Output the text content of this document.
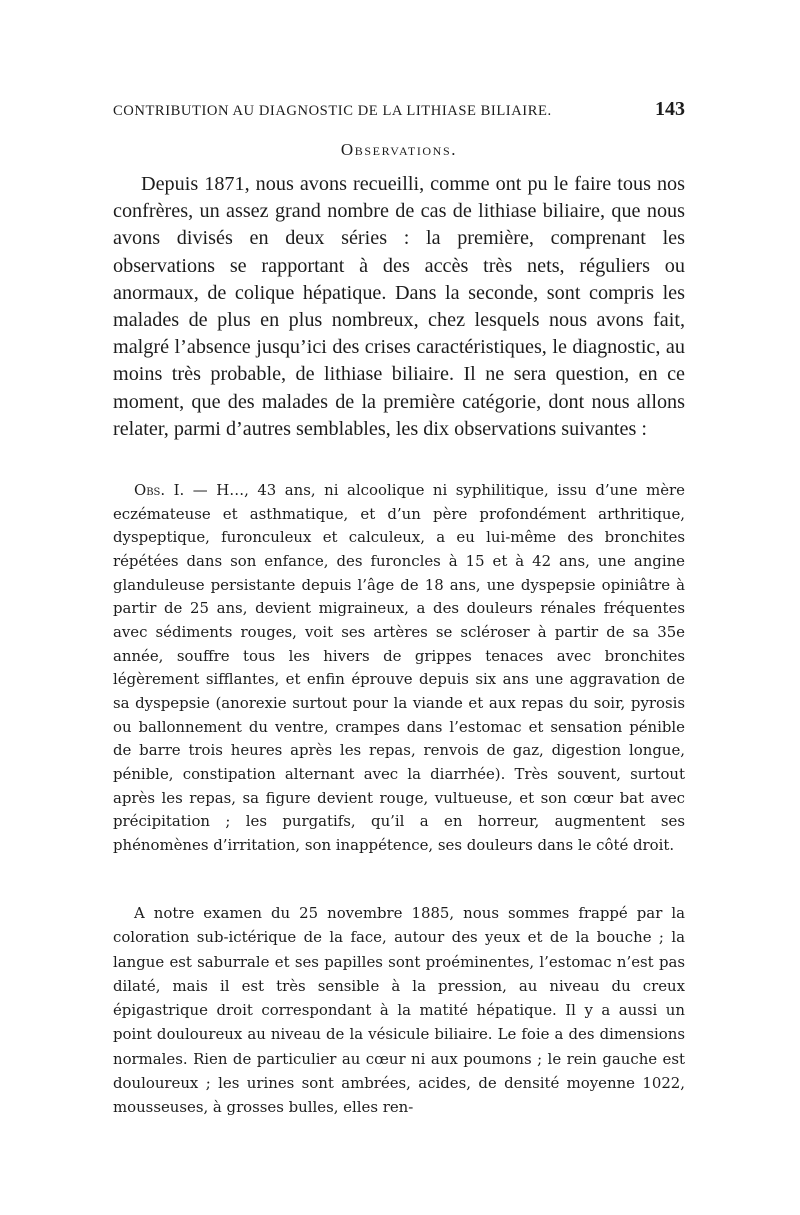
CONTRIBUTION AU DIAGNOSTIC DE LA LITHIASE BILIAIRE.	143
Observations.

Depuis 1871, nous avons recueilli, comme ont pu le faire tous nos confrères, un assez grand nombre de cas de lithiase biliaire, que nous avons divisés en deux séries : la première, comprenant les observations se rapportant à des accès très nets, réguliers ou anormaux, de colique hépatique. Dans la seconde, sont compris les malades de plus en plus nombreux, chez lesquels nous avons fait, malgré l’absence jusqu’ici des crises caractéristiques, le diagnostic, au moins très probable, de lithiase biliaire. Il ne sera question, en ce moment, que des malades de la première catégorie, dont nous allons relater, parmi d’autres semblables, les dix observations suivantes :

Obs. I. — H…, 43 ans, ni alcoolique ni syphilitique, issu d’une mère eczémateuse et asthmatique, et d’un père profondément arthritique, dyspeptique, furonculeux et calculeux, a eu lui-même des bronchites répétées dans son enfance, des furoncles à 15 et à 42 ans, une angine glanduleuse persistante depuis l’âge de 18 ans, une dyspepsie opiniâtre à partir de 25 ans, devient migraineux, a des douleurs rénales fréquentes avec sédiments rouges, voit ses artères se scléroser à partir de sa 35e année, souffre tous les hivers de grippes tenaces avec bronchites légèrement sifflantes, et enfin éprouve depuis six ans une aggravation de sa dyspepsie (anorexie surtout pour la viande et aux repas du soir, pyrosis ou ballonnement du ventre, crampes dans l’estomac et sensation pénible de barre trois heures après les repas, renvois de gaz, digestion longue, pénible, constipation alternant avec la diarrhée). Très souvent, surtout après les repas, sa figure devient rouge, vultueuse, et son cœur bat avec précipitation ; les purgatifs, qu’il a en horreur, augmentent ses phénomènes d’irritation, son inappétence, ses douleurs dans le côté droit.

A notre examen du 25 novembre 1885, nous sommes frappé par la coloration sub-ictérique de la face, autour des yeux et de la bouche ; la langue est saburrale et ses papilles sont proéminentes, l’estomac n’est pas dilaté, mais il est très sensible à la pression, au niveau du creux épigastrique droit correspondant à la matité hépatique. Il y a aussi un point douloureux au niveau de la vésicule biliaire. Le foie a des dimensions normales. Rien de particulier au cœur ni aux poumons ; le rein gauche est douloureux ; les urines sont ambrées, acides, de densité moyenne 1022, mousseuses, à grosses bulles, elles ren-
